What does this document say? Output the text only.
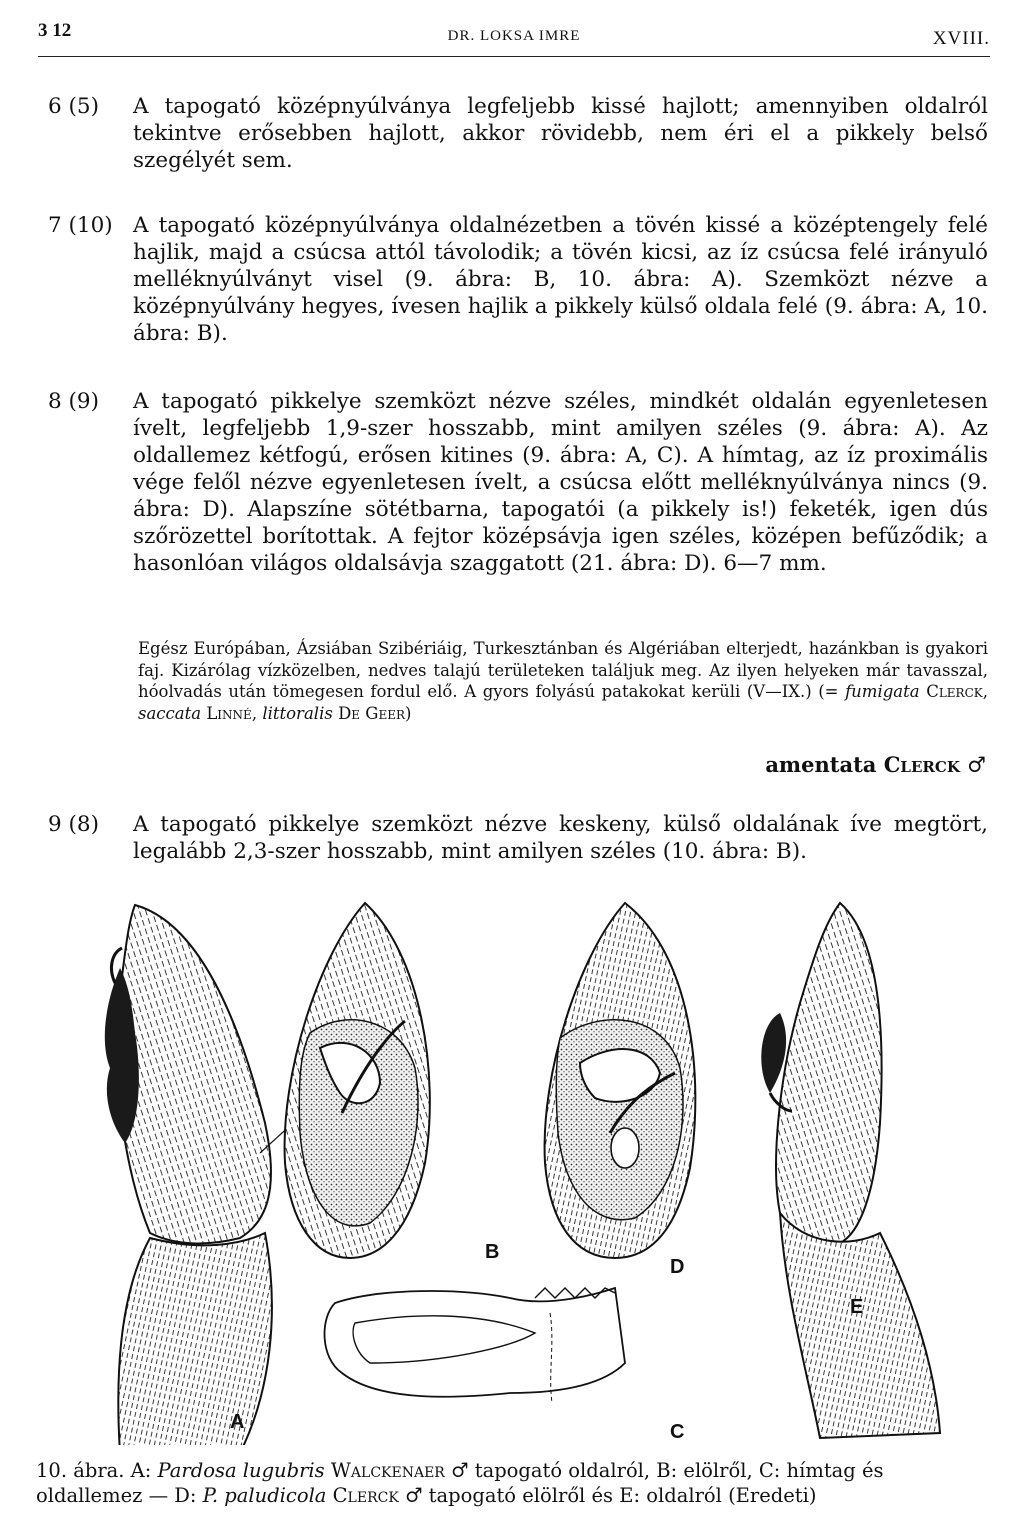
3 12	DR. LOKSA IMRE	XVIII.
6 (5) A tapogató középnyúlványa legfeljebb kissé hajlott; amennyiben oldalról tekintve erősebben hajlott, akkor rövidebb, nem éri el a pikkely belső szegélyét sem.
7 (10) A tapogató középnyúlványa oldalnézetben a tövén kissé a középtengely felé hajlik, majd a csúcsa attól távolodik; a tövén kicsi, az íz csúcsa felé irányuló melléknyúlványt visel (9. ábra: B, 10. ábra: A). Szemközt nézve a középnyúlvány hegyes, ívesen hajlik a pikkely külső oldala felé (9. ábra: A, 10. ábra: B).
8 (9) A tapogató pikkelye szemközt nézve széles, mindkét oldalán egyenletesen ívelt, legfeljebb 1,9-szer hosszabb, mint amilyen széles (9. ábra: A). Az oldallemez kétfogú, erősen kitines (9. ábra: A, C). A hímtag, az íz proximális vége felől nézve egyenletesen ívelt, a csúcsa előtt melléknyúlványa nincs (9. ábra: D). Alapszíne sötétbarna, tapogatói (a pikkely is!) feketék, igen dús szőrözettel borítottak. A fejtor középsávja igen széles, középen befűződik; a hasonlóan világos oldalsávja szaggatott (21. ábra: D). 6—7 mm.
Egész Európában, Ázsiában Szibériáig, Turkesztánban és Algériában elterjedt, hazánkban is gyakori faj. Kizárólag vízközelben, nedves talajú területeken találjuk meg. Az ilyen helyeken már tavasszal, hóolvadás után tömegesen fordul elő. A gyors folyású patakokat kerüli (V—IX.) (= fumigata Clerck, saccata Linné, littoralis De Geer)
amentata Clerck ♂
9 (8) A tapogató pikkelye szemközt nézve keskeny, külső oldalának íve megtört, legalább 2,3-szer hosszabb, mint amilyen széles (10. ábra: B).
A
B
C
D
E
10. ábra. A: Pardosa lugubris Walckenaer ♂ tapogató oldalról, B: elölről, C: hímtag és oldallemez — D: P. paludicola Clerck ♂ tapogató elölről és E: oldalról (Eredeti)
